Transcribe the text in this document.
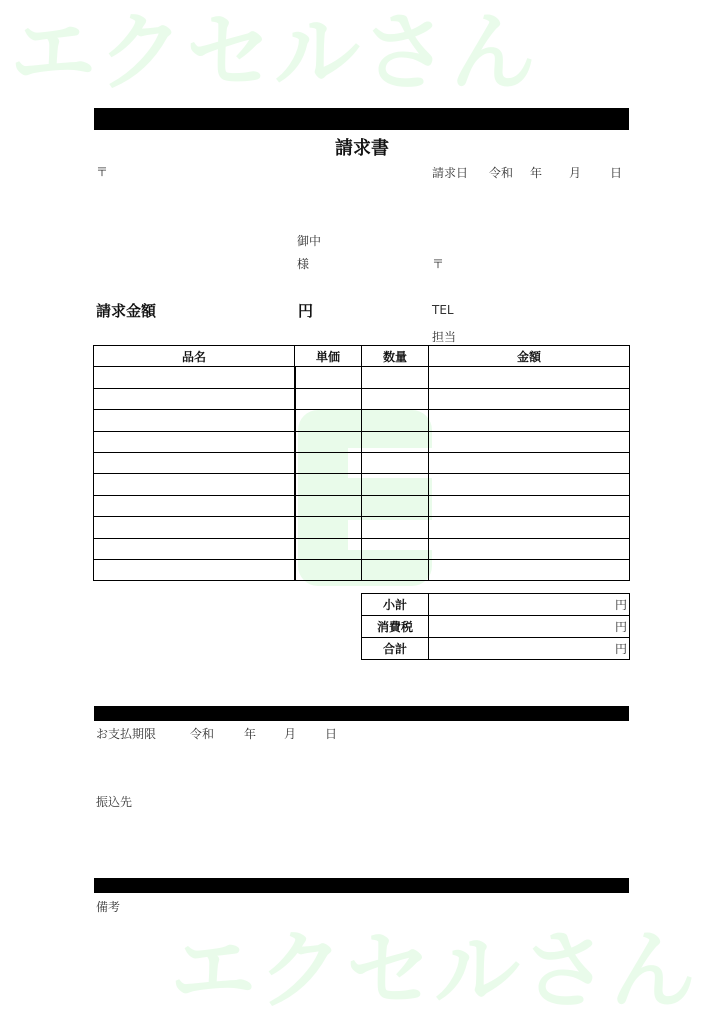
エクセルさん
エクセルさん
請求書
〒
御中
様
請求日 令和 年 月 日
〒
TEL
担当
請求金額	円
品名	単価	数量	金額

小計	円
消費税	円
合計	円
お支払期限	令和 年 月 日
振込先
備考
